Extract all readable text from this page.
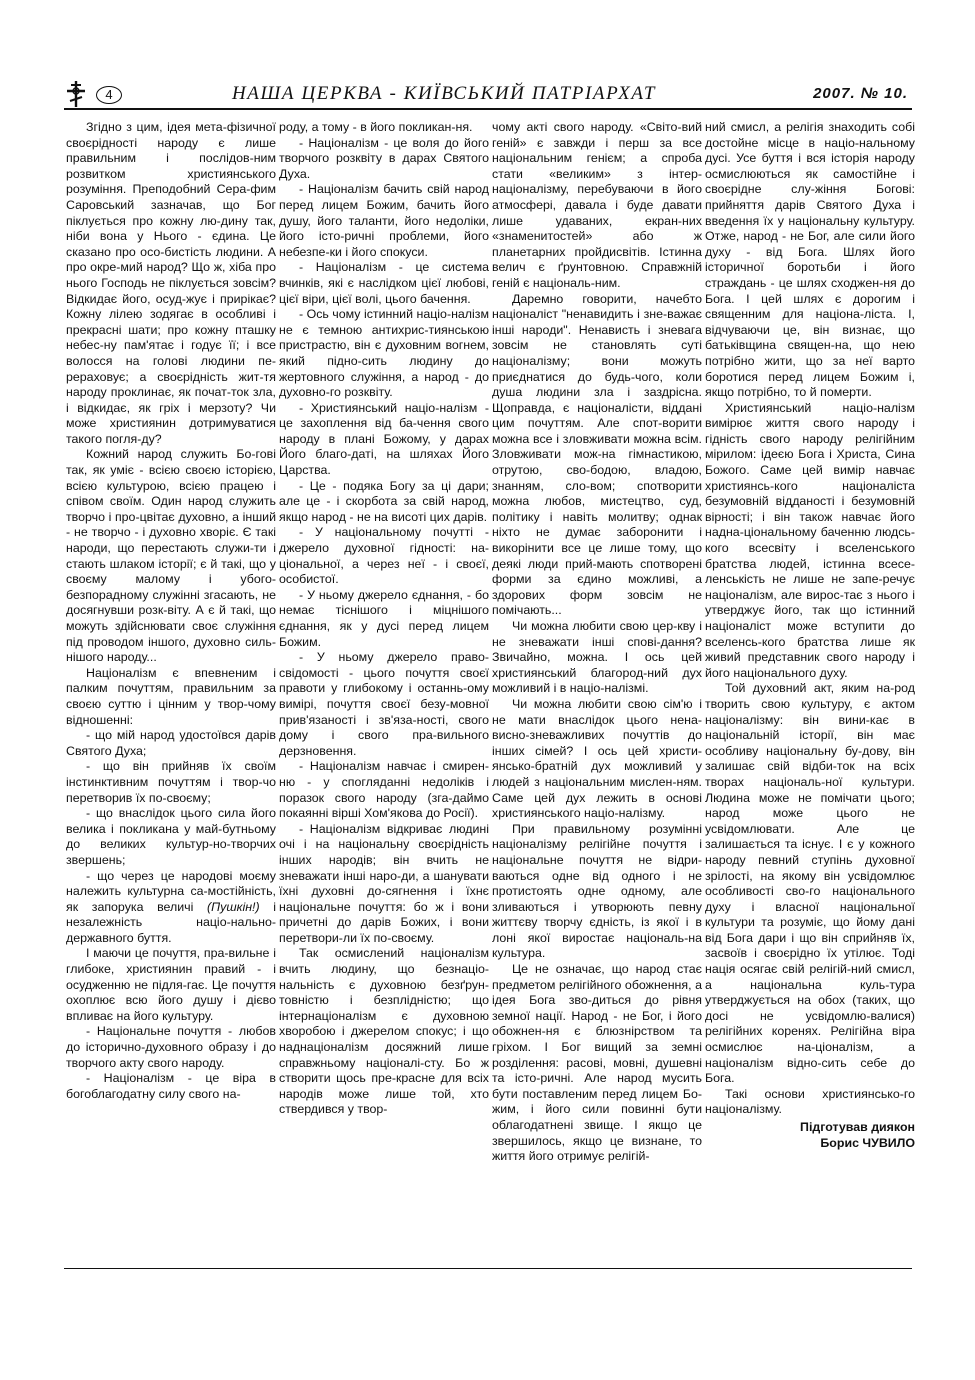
4	НАША ЦЕРКВА - КИЇВСЬКИЙ ПАТРІАРХАТ	2007. № 10.

Згідно з цим, ідея мета-фізичної своєрідності народу є лише правильним і послідов-ним розвитком християнського розуміння. Преподобний Сера-фим Саровський зазначав, що Бог піклується про кожну лю-дину так, ніби вона у Нього - єдина. Це сказано про осо-бистість людини. А про окре-мий народ? Що ж, хіба про нього Господь не піклується зовсім? Відкидає його, осуд-жує і прирікає? Кожну лілею зодягає в особливі і прекрасні шати; про кожну пташку небес-ну пам'ятає і годує її; і все волосся на голові людини пе-рераховує; а своєрідність жит-тя народу проклинає, як почат-ток зла, і відкидає, як гріх і мерзоту? Чи може християнин дотримуватися такого погля-ду?

Кожний народ служить Бо-гові так, як уміє - всією своєю історією, всією культурою, всією працею і співом своїм. Один народ служить творчо і про-цвітає духовно, а інший - не творчо - і духовно хворіє. Є такі народи, що перестають служи-ти і стають шлаком історії; є й такі, що у своєму малому і убого-безпорадному служінні згасають, не досягнувши розк-віту. А є й такі, що можуть здійснювати своє служіння під проводом іншого, духовно силь-нішого народу...

Націоналізм є впевненим і палким почуттям, правильним за своєю суттю і цінним у твор-чому відношенні:

- що мій народ удостоївся дарів Святого Духа;

- що він прийняв їх своїм інстинктивним почуттям і твор-чо перетворив їх по-своєму;

- що внаслідок цього сила його велика і покликана у май-бутньому до великих культур-но-творчих звершень;

- що через це народові моєму належить культурна са-мостійність, як запорука величі (Пушкін!) і незалежність націо-нально-державного буття.

І маючи це почуття, пра-вильне і глибоке, християнин правий - і осудженню не підля-гає. Це почуття охоплює всю його душу і дієво впливає на його культуру.

- Національне почуття - любов до історично-духовного образу і до творчого акту свого народу.

- Націоналізм - це віра в богоблагодатну силу свого на-

роду, а тому - в його покликан-ня.

- Націоналізм - це воля до його творчого розквіту в дарах Святого Духа.

- Націоналізм бачить свій народ перед лицем Божим, бачить його душу, його таланти, його недоліки, його істо-ричні проблеми, його небезпе-ки і його спокуси.

- Націоналізм - це система вчинків, які є наслідком цієї любові, цієї віри, цієї волі, цього бачення.

- Ось чому істинний націо-налізм не є темною антихрис-тиянською пристрастю, він є духовним вогнем, який підно-сить людину до жертовного служіння, а народ - до духовно-го розквіту.

- Християнський націо-налізм - це захоплення від ба-чення свого народу в плані Божому, у дарах Його благо-даті, на шляхах Його Царства.

- Це - подяка Богу за ці дари; але це - і скорбота за свій народ, якщо народ - не на висоті цих дарів.

- У національному почутті - джерело духовної гідності: на-ціональної, а через неї - і своєї, особистої.

- У ньому джерело єднання, - бо немає тіснішого і міцнішого єднання, як у дусі перед лицем Божим.

- У ньому джерело право-свідомості - цього почуття своєї правоти у глибокому і останнь-ому вимірі, почуття своєї безу-мовної прив'язаності і зв'яза-ності, свого дому і свого пра-вильного дерзновення.

- Націоналізм навчає і смирен-ню - у спогляданні недоліків і поразок свого народу (зга-даймо покаянні вірші Хом'якова до Росії).

- Націоналізм відкриває людині очі і на національну своєрідність інших народів; він вчить не зневажати інші наро-ди, а шанувати їхні духовні до-сягнення і їхнє національне почуття: бо ж і вони причетні до дарів Божих, і вони перетвори-ли їх по-своєму.

Так осмислений націоналізм вчить людину, що безнаціо-нальність є духовною безґрун-товністю і безплідністю; що інтернаціоналізм є духовною хворобою і джерелом спокус; і що наднаціоналізм досяжний лише справжньому націоналі-сту. Бо ж створити щось пре-красне для всіх народів може лише той, хто ствердився у твор-

чому акті свого народу. «Світо-вий геній» є завжди і перш за все національним генієм; а спроба стати «великим» з інтер-націоналізму, перебуваючи в його атмосфері, давала і буде давати лише удаваних, екран-них «знаменитостей» або ж планетарних пройдисвітів. Істинна велич є ґрунтовною. Справжній геній є національ-ним.

Даремно говорити, начебто націоналіст "ненавидить і зне-важає інші народи". Ненависть і зневага зовсім не становлять суті націоналізму; вони можуть приєднатися до будь-чого, коли душа людини зла і заздрісна. Щоправда, є націоналісти, віддані цим почуттям. Але спот-ворити можна все і зловживати можна всім. Зловживати мож-на гімнастикою, отрутою, сво-бодою, владою, знанням, сло-вом; спотворити можна любов, мистецтво, суд, політику і навіть молитву; однак ніхто не думає заборонити і викорінити все це лише тому, що деякі люди прий-мають спотворені форми за єдино можливі, а здорових форм зовсім не помічають...

Чи можна любити свою цер-кву і не зневажати інші спові-дання? Звичайно, можна. І ось цей християнський благород-ний дух можливий і в націо-налізмі.

Чи можна любити свою сім'ю і не мати внаслідок цього нена-висно-зневажливих почуттів до інших сімей? І ось цей христи-янсько-братній дух можливий у людей з національним мислен-ням. Саме цей дух лежить в основі християнського націо-налізму.

При правильному розумінні націоналізму релігійне почуття і національне почуття не відри-ваються одне від одного і не протистоять одне одному, але зливаються і утворюють певну життєву творчу єдність, із якої і в лоні якої виростає національ-на культура.

Це не означає, що народ стає предметом релігійного обожнення, а ідея Бога зво-диться до рівня земної нації. Народ - не Бог, і його обожнен-ня є блюзнірством та гріхом. І Бог вищий за земні розділення: расові, мовні, душевні та істо-ричні. Але народ мусить бути поставленим перед лицем Бо-жим, і його сили повинні бути облагодатнені звище. І якщо це звершилось, якщо це визнане, то життя його отримує релігій-

ний смисл, а релігія знаходить собі достойне місце в націо-нальному дусі. Усе буття і вся історія народу осмислюються як самостійне і своєрідне слу-жіння Богові: прийняття дарів Святого Духа і введення їх у національну культуру. Отже, народ - не Бог, але сили його духу - від Бога. Шлях його історичної боротьби і його страждань - це шлях сходжен-ня до Бога. І цей шлях є дорогим і священним для націона-ліста. І, відчуваючи це, він визнає, що батьківщина священ-на, що нею потрібно жити, що за неї варто боротися перед лицем Божим і, якщо потрібно, то й померти.

Християнський націо-налізм вимірює життя свого народу і гідність свого народу релігійним мірилом: ідеєю Бога і Христа, Сина Божого. Саме цей вимір навчає християнсь-кого націоналіста безумовній відданості і безумовній вірності; і він також навчає його надна-ціональному баченню людсь-кого всесвіту і вселенського братства людей, істинна всесе-ленськість не лише не запе-речує націоналізм, але вирос-тає з нього і утверджує його, так що істинний націоналіст може вступити до вселенсь-кого братства лише як живий представник свого народу і його національного духу.

Той духовний акт, яким на-род творить свою культуру, є актом націоналізму: він вини-кає в національній історії, він має особливу національну бу-дову, він залишає свій відби-ток на всіх творах національ-ної культури. Людина може не помічати цього; народ може цього не усвідомлювати. Але це залишається та існує. І є у кожного народу певний ступінь духовної зрілості, на якому він усвідомлює особливості сво-го національного духу і власної національної культури та розуміє, що йому дані від Бога дари і що він сприйняв їх, засвоїв і своєрідно їх утілює. Тоді нація осягає свій релігій-ний смисл, а національна куль-тура утверджується на обох (таких, що досі не усвідомлю-валися) релігійних коренях. Релігійна віра осмислює на-ціоналізм, а націоналізм відно-сить себе до Бога.

Такі основи християнсько-го націоналізму.

Підготував диякон
Борис ЧУВИЛО
